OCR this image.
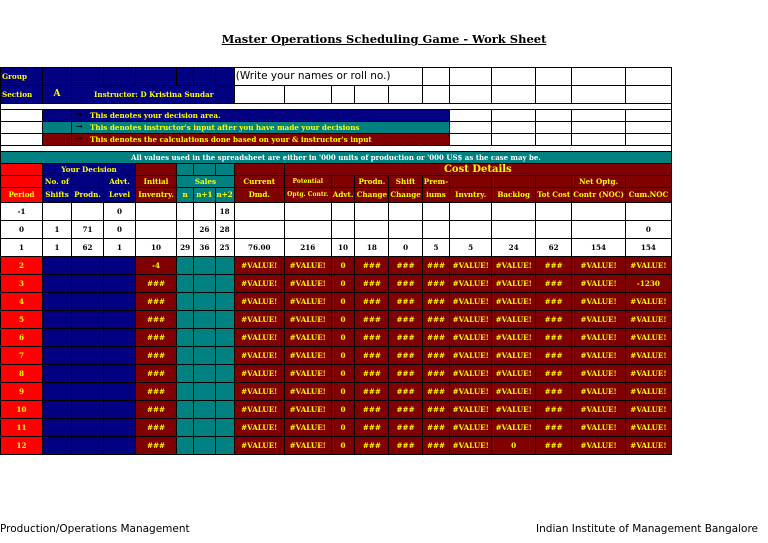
Master Operations Scheduling Game - Work Sheet
Group								(Write your names or roll no.)										
Section	A	Instructor: D Kristina Sundar																

		→ This denotes your decision area.					
		→ This denotes instructor's input after you have made your decisions					
		→ This denotes the calculations done based on your & instructor's input					

All values used in the spreadsheet are either in '000 units of production or '000 US$ as the case may be.																		
	Your Decision								Cost Details									
	No. of		Advt.	Initial	Sales			Current	Potential		Prodn.	Shift	Prem-				Net Optg.	
Period	Shifts	Prodn.	Level	Inventry.	n	n+1	n+2	Dmd.	Optg. Contr.	Advt.	Change	Change	iums	Invntry.	Backlog	Tot Cost	Contr (NOC)	Cum.NOC
-1			0				18											
0	1	71	0			26	28											0
1	1	62	1	10	29	36	25	76.00	216	10	18	0	5	5	24	62	154	154
2				-4				#VALUE!	#VALUE!	0	###	###	###	#VALUE!	#VALUE!	###	#VALUE!	#VALUE!
3				###				#VALUE!	#VALUE!	0	###	###	###	#VALUE!	#VALUE!	###	#VALUE!	-1230
4				###				#VALUE!	#VALUE!	0	###	###	###	#VALUE!	#VALUE!	###	#VALUE!	#VALUE!
5				###				#VALUE!	#VALUE!	0	###	###	###	#VALUE!	#VALUE!	###	#VALUE!	#VALUE!
6				###				#VALUE!	#VALUE!	0	###	###	###	#VALUE!	#VALUE!	###	#VALUE!	#VALUE!
7				###				#VALUE!	#VALUE!	0	###	###	###	#VALUE!	#VALUE!	###	#VALUE!	#VALUE!
8				###				#VALUE!	#VALUE!	0	###	###	###	#VALUE!	#VALUE!	###	#VALUE!	#VALUE!
9				###				#VALUE!	#VALUE!	0	###	###	###	#VALUE!	#VALUE!	###	#VALUE!	#VALUE!
10				###				#VALUE!	#VALUE!	0	###	###	###	#VALUE!	#VALUE!	###	#VALUE!	#VALUE!
11				###				#VALUE!	#VALUE!	0	###	###	###	#VALUE!	#VALUE!	###	#VALUE!	#VALUE!
12				###				#VALUE!	#VALUE!	0	###	###	###	#VALUE!	0	###	#VALUE!	#VALUE!
Production/Operations Management	Indian Institute of Management Bangalore
